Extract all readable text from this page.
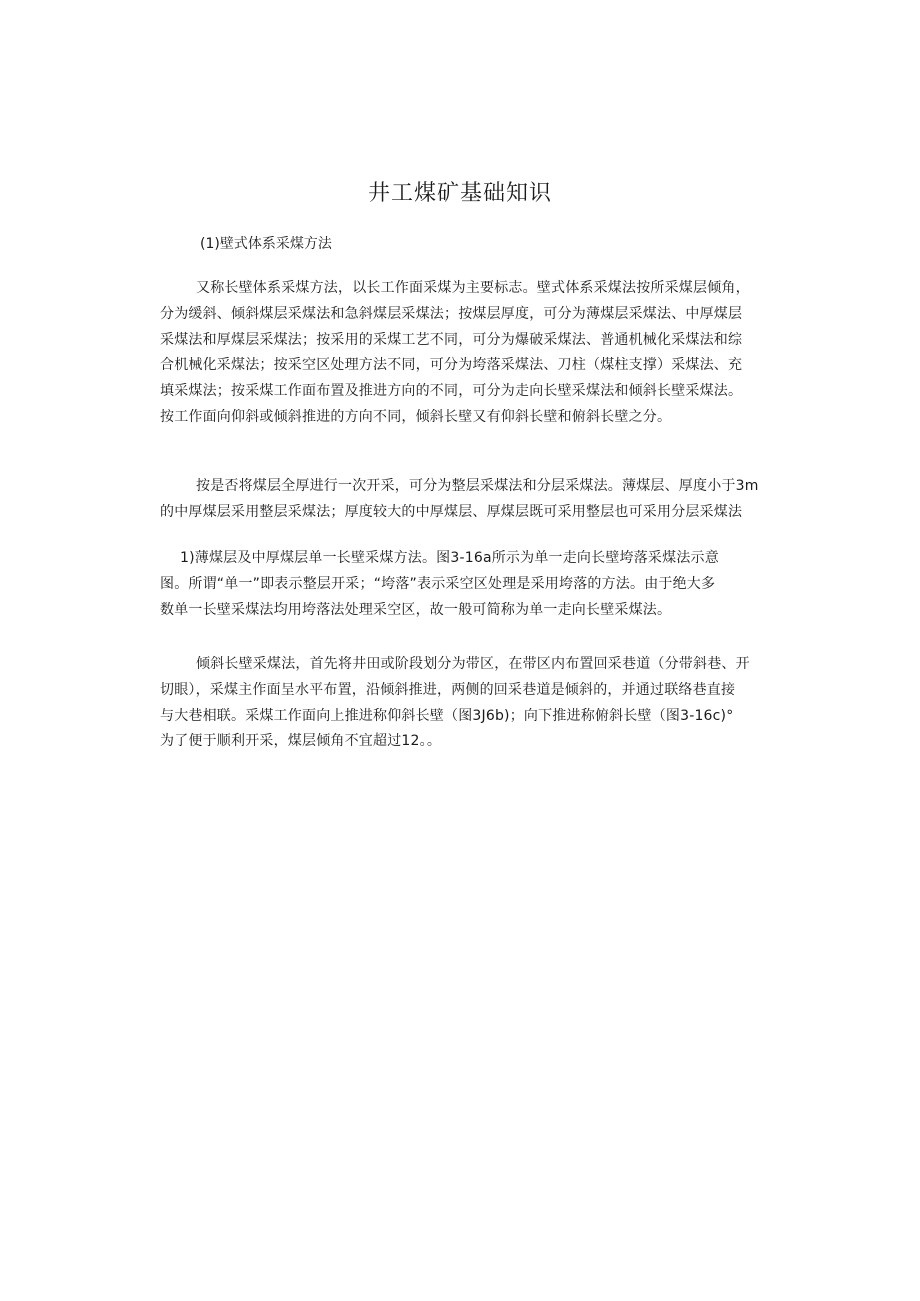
井工煤矿基础知识
(1)壁式体系采煤方法
又称长壁体系采煤方法，以长工作面采煤为主要标志。壁式体系采煤法按所采煤层倾角，
分为缓斜、倾斜煤层采煤法和急斜煤层采煤法；按煤层厚度，可分为薄煤层采煤法、中厚煤层
采煤法和厚煤层采煤法；按采用的采煤工艺不同，可分为爆破采煤法、普通机械化采煤法和综
合机械化采煤法；按采空区处理方法不同，可分为垮落采煤法、刀柱（煤柱支撑）采煤法、充
填采煤法；按采煤工作面布置及推进方向的不同，可分为走向长壁采煤法和倾斜长壁采煤法。
按工作面向仰斜或倾斜推进的方向不同，倾斜长壁又有仰斜长壁和俯斜长壁之分。
按是否将煤层全厚进行一次开采，可分为整层采煤法和分层采煤法。薄煤层、厚度小于3m
的中厚煤层采用整层采煤法；厚度较大的中厚煤层、厚煤层既可采用整层也可采用分层采煤法
1)薄煤层及中厚煤层单一长壁采煤方法。图3-16a所示为单一走向长壁垮落采煤法示意
图。所谓“单一”即表示整层开采；“垮落”表示采空区处理是采用垮落的方法。由于绝大多
数单一长壁采煤法均用垮落法处理采空区，故一般可简称为单一走向长壁采煤法。
倾斜长壁采煤法，首先将井田或阶段划分为带区，在带区内布置回采巷道（分带斜巷、开
切眼），采煤主作面呈水平布置，沿倾斜推进，两侧的回采巷道是倾斜的，并通过联络巷直接
与大巷相联。采煤工作面向上推进称仰斜长壁（图3J6b)；向下推进称俯斜长壁（图3-16c)°
为了便于顺利开采，煤层倾角不宜超过12。。
